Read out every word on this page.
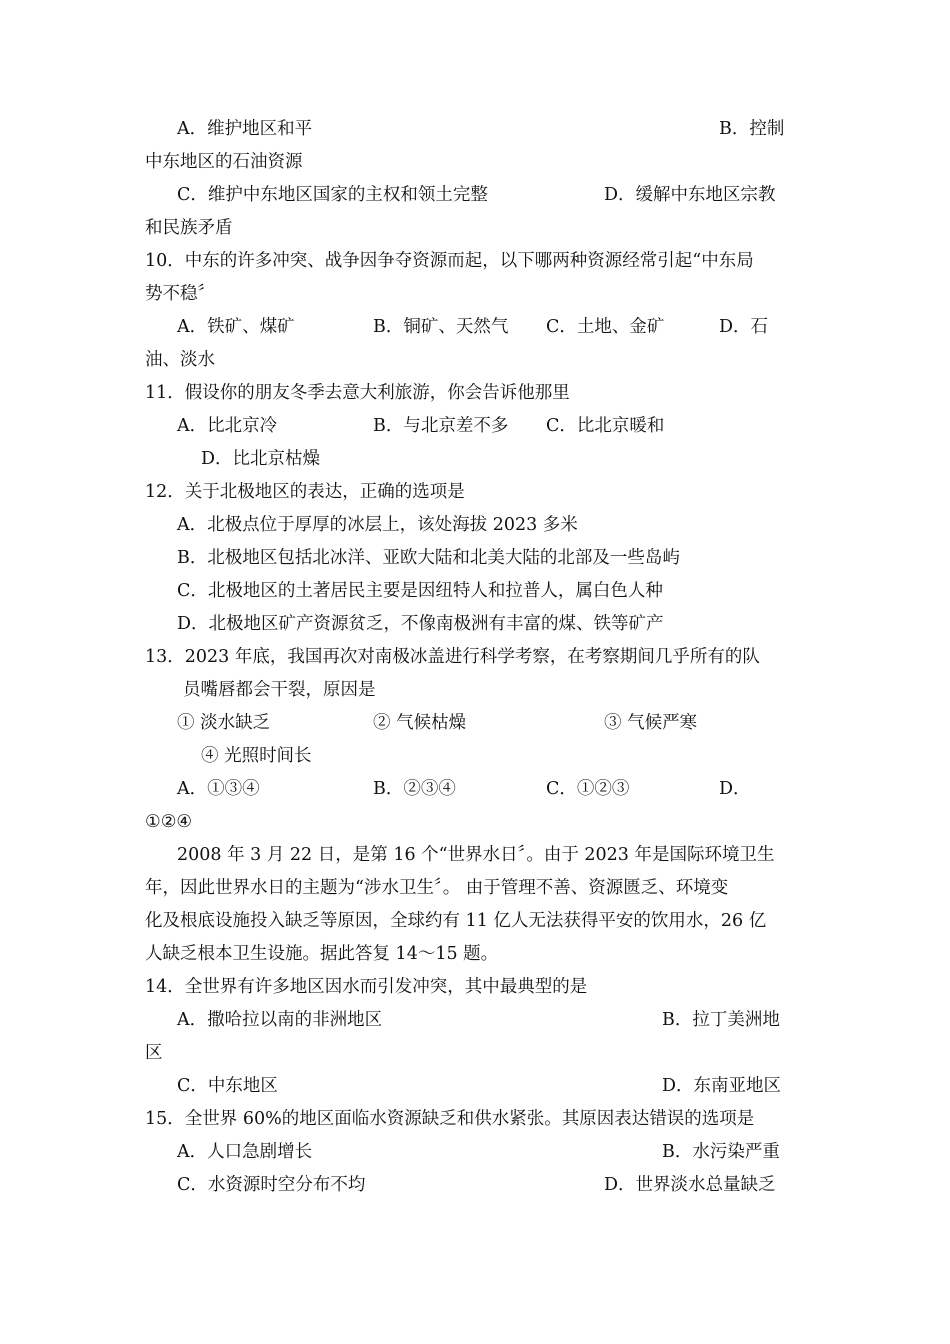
A．维护地区和平	B．控制
中东地区的石油资源
C．维护中东地区国家的主权和领土完整	D．缓解中东地区宗教
和民族矛盾
10．中东的许多冲突、战争因争夺资源而起，以下哪两种资源经常引起“中东局
势不稳〞
A．铁矿、煤矿	B．铜矿、天然气 C．土地、金矿	D．石
油、淡水
11．假设你的朋友冬季去意大利旅游，你会告诉他那里
A．比北京冷	B．与北京差不多 C．比北京暖和
D．比北京枯燥
12．关于北极地区的表达，正确的选项是
A．北极点位于厚厚的冰层上，该处海拔 2023 多米
B．北极地区包括北冰洋、亚欧大陆和北美大陆的北部及一些岛屿
C．北极地区的土著居民主要是因纽特人和拉普人，属白色人种
D．北极地区矿产资源贫乏，不像南极洲有丰富的煤、铁等矿产
13．2023 年底，我国再次对南极冰盖进行科学考察，在考察期间几乎所有的队
员嘴唇都会干裂，原因是
① 淡水缺乏	② 气候枯燥	③ 气候严寒
④ 光照时间长
A．①③④	B．②③④	C．①②③	D．
①②④
2008 年 3 月 22 日，是第 16 个“世界水日〞。由于 2023 年是国际环境卫生
年，因此世界水日的主题为“涉水卫生〞。 由于管理不善、资源匮乏、环境变
化及根底设施投入缺乏等原因，全球约有 11 亿人无法获得平安的饮用水，26 亿
人缺乏根本卫生设施。据此答复 14～15 题。
14．全世界有许多地区因水而引发冲突，其中最典型的是
A．撒哈拉以南的非洲地区	B．拉丁美洲地
区
C．中东地区	D．东南亚地区
15．全世界 60%的地区面临水资源缺乏和供水紧张。其原因表达错误的选项是
A．人口急剧增长	B．水污染严重
C．水资源时空分布不均	D．世界淡水总量缺乏
